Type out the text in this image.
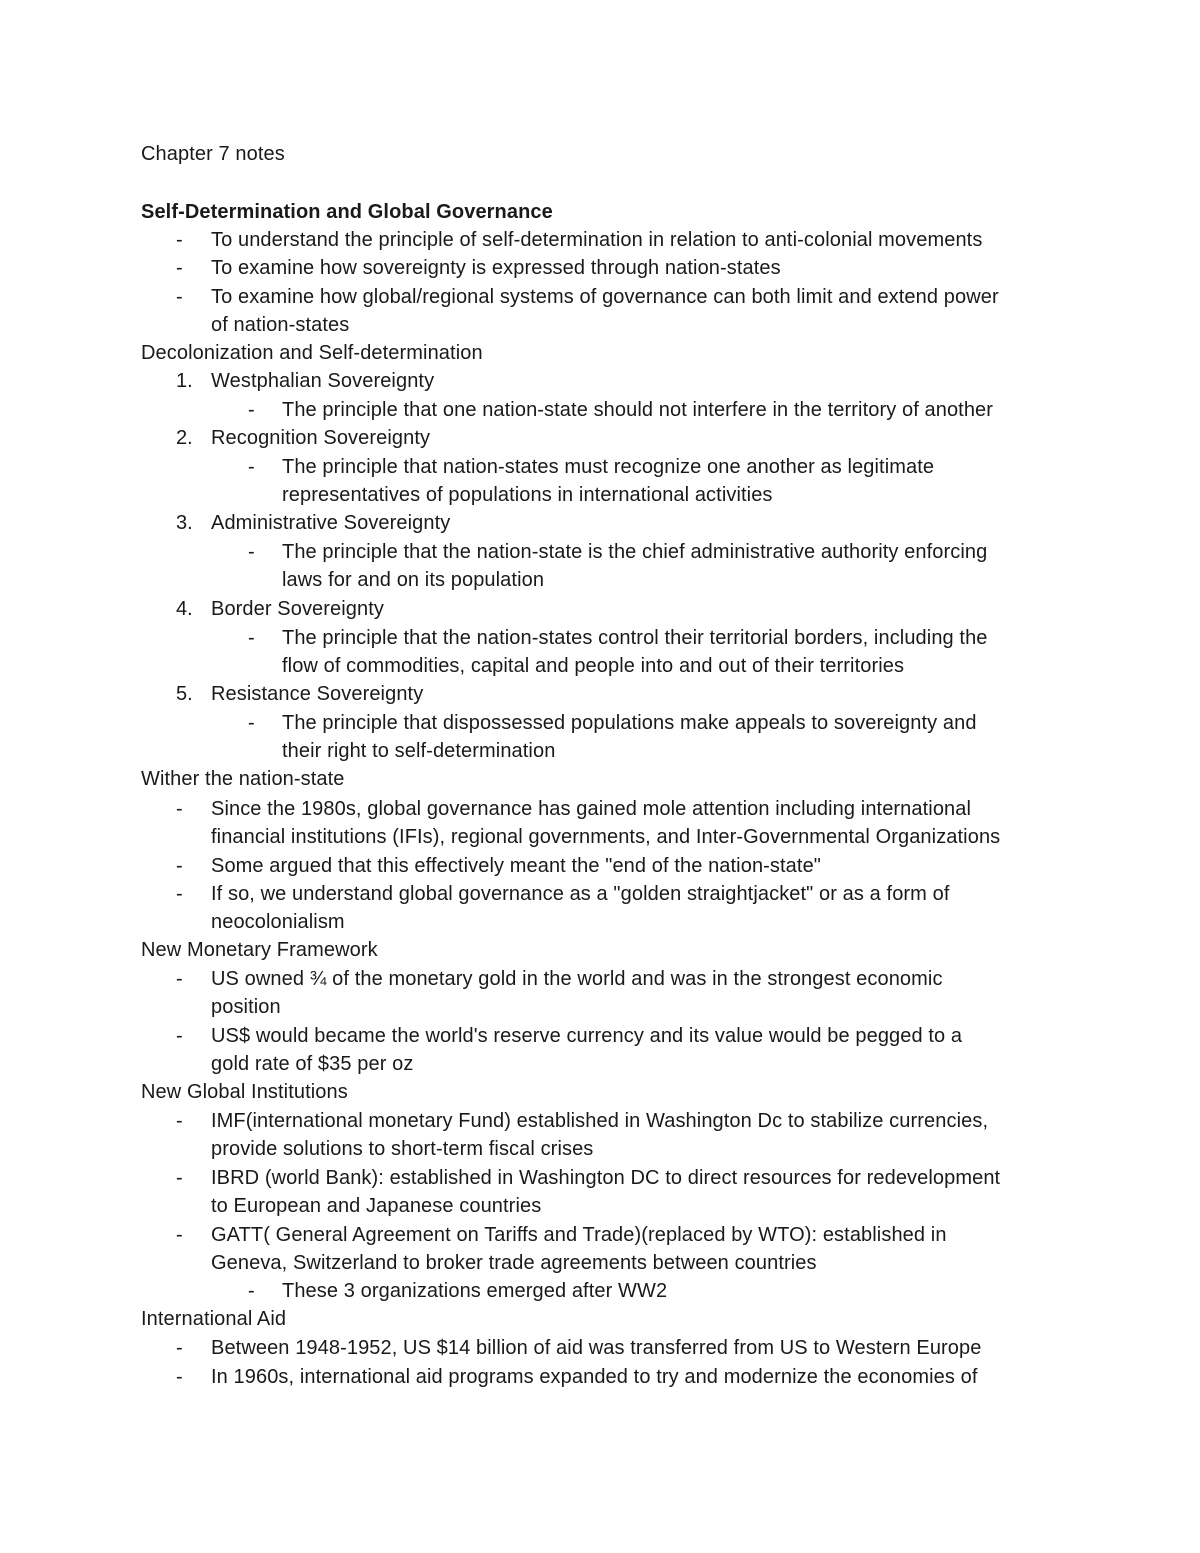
Chapter 7 notes
Self-Determination and Global Governance
- To understand the principle of self-determination in relation to anti-colonial movements
- To examine how sovereignty is expressed through nation-states
- To examine how global/regional systems of governance can both limit and extend power
of nation-states
Decolonization and Self-determination
1. Westphalian Sovereignty
- The principle that one nation-state should not interfere in the territory of another
2. Recognition Sovereignty
- The principle that nation-states must recognize one another as legitimate
representatives of populations in international activities
3. Administrative Sovereignty
- The principle that the nation-state is the chief administrative authority enforcing
laws for and on its population
4. Border Sovereignty
- The principle that the nation-states control their territorial borders, including the
flow of commodities, capital and people into and out of their territories
5. Resistance Sovereignty
- The principle that dispossessed populations make appeals to sovereignty and
their right to self-determination
Wither the nation-state
- Since the 1980s, global governance has gained mole attention including international
financial institutions (IFIs), regional governments, and Inter-Governmental Organizations
- Some argued that this effectively meant the "end of the nation-state"
- If so, we understand global governance as a "golden straightjacket" or as a form of
neocolonialism
New Monetary Framework
- US owned ¾ of the monetary gold in the world and was in the strongest economic
position
- US$ would became the world's reserve currency and its value would be pegged to a
gold rate of $35 per oz
New Global Institutions
- IMF(international monetary Fund) established in Washington Dc to stabilize currencies,
provide solutions to short-term fiscal crises
- IBRD (world Bank): established in Washington DC to direct resources for redevelopment
to European and Japanese countries
- GATT( General Agreement on Tariffs and Trade)(replaced by WTO): established in
Geneva, Switzerland to broker trade agreements between countries
- These 3 organizations emerged after WW2
International Aid
- Between 1948-1952, US $14 billion of aid was transferred from US to Western Europe
- In 1960s, international aid programs expanded to try and modernize the economies of
